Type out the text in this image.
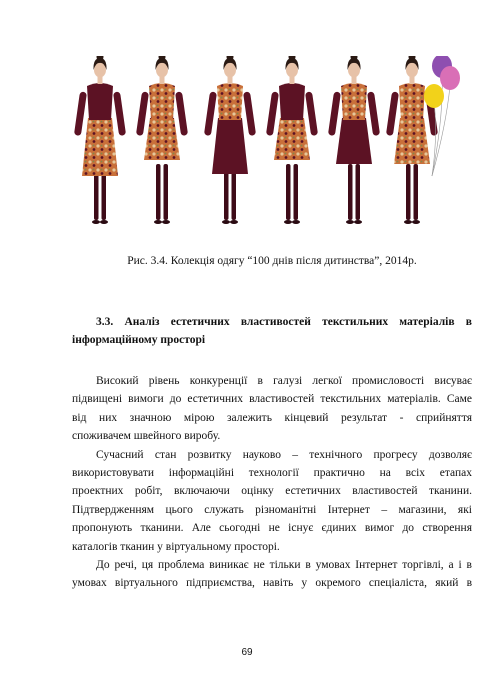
Рис. 3.4. Колекція одягу “100 днів після дитинства”, 2014р.
3.3. Аналіз естетичних властивостей текстильних матеріалів в
інформаційному просторі
Високий рівень конкуренції в галузі легкої промисловості висуває
підвищені вимоги до естетичних властивостей текстильних матеріалів. Саме
від них значною мірою залежить кінцевий результат - сприйняття
споживачем швейного виробу.
Сучасний стан розвитку науково – технічного прогресу дозволяє
використовувати інформаційні технології практично на всіх етапах
проектних робіт, включаючи оцінку естетичних властивостей тканини.
Підтвердженням цього служать різноманітні Інтернет – магазини, які
пропонують тканини. Але сьогодні не існує єдиних вимог до створення
каталогів тканин у віртуальному просторі.
До речі, ця проблема виникає не тільки в умовах Інтернет торгівлі, а і в
умовах віртуального підприємства, навіть у окремого спеціаліста, який в
69
